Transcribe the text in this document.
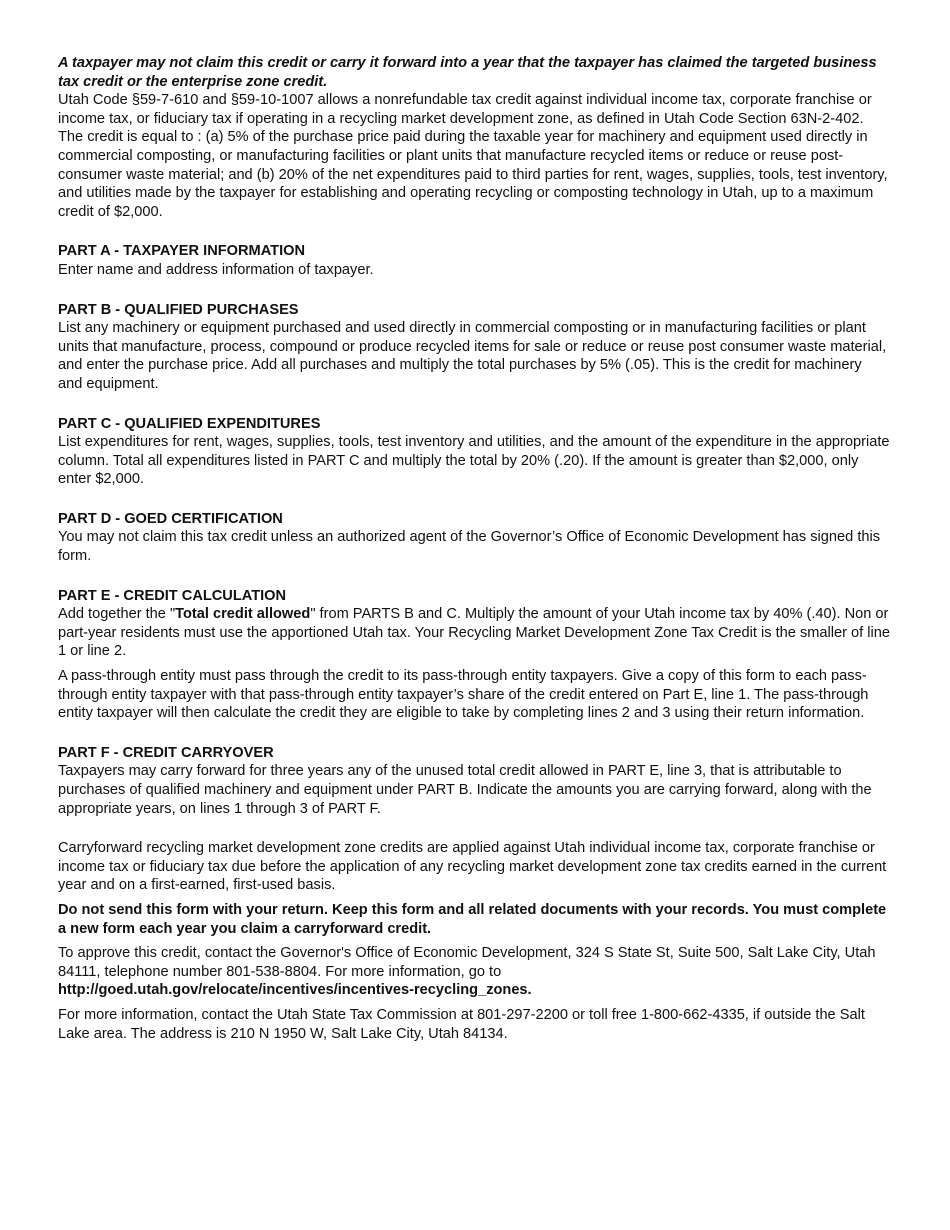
A taxpayer may not claim this credit or carry it forward into a year that the taxpayer has claimed the targeted business tax credit or the enterprise zone credit.

Utah Code §59-7-610 and §59-10-1007 allows a nonrefundable tax credit against individual income tax, corporate franchise or income tax, or fiduciary tax if operating in a recycling market development zone, as defined in Utah Code Section 63N-2-402. The credit is equal to : (a) 5% of the purchase price paid during the taxable year for machinery and equipment used directly in commercial composting, or manufacturing facilities or plant units that manufacture recycled items or reduce or reuse post-consumer waste material; and (b) 20% of the net expenditures paid to third parties for rent, wages, supplies, tools, test inventory, and utilities made by the taxpayer for establishing and operating recycling or composting technology in Utah, up to a maximum credit of $2,000.

PART A - TAXPAYER INFORMATION

Enter name and address information of taxpayer.

PART B - QUALIFIED PURCHASES

List any machinery or equipment purchased and used directly in commercial composting or in manufacturing facilities or plant units that manufacture, process, compound or produce recycled items for sale or reduce or reuse post consumer waste material, and enter the purchase price. Add all purchases and multiply the total purchases by 5% (.05). This is the credit for machinery and equipment.

PART C - QUALIFIED EXPENDITURES

List expenditures for rent, wages, supplies, tools, test inventory and utilities, and the amount of the expenditure in the appropriate column. Total all expenditures listed in PART C and multiply the total by 20% (.20). If the amount is greater than $2,000, only enter $2,000.

PART D - GOED CERTIFICATION

You may not claim this tax credit unless an authorized agent of the Governor’s Office of Economic Development has signed this form.

PART E - CREDIT CALCULATION

Add together the "Total credit allowed" from PARTS B and C. Multiply the amount of your Utah income tax by 40% (.40). Non or part-year residents must use the apportioned Utah tax. Your Recycling Market Development Zone Tax Credit is the smaller of line 1 or line 2.

A pass-through entity must pass through the credit to its pass-through entity taxpayers. Give a copy of this form to each pass-through entity taxpayer with that pass-through entity taxpayer’s share of the credit entered on Part E, line 1. The pass-through entity taxpayer will then calculate the credit they are eligible to take by completing lines 2 and 3 using their return information.

PART F - CREDIT CARRYOVER

Taxpayers may carry forward for three years any of the unused total credit allowed in PART E, line 3, that is attributable to purchases of qualified machinery and equipment under PART B. Indicate the amounts you are carrying forward, along with the appropriate years, on lines 1 through 3 of PART F.

Carryforward recycling market development zone credits are applied against Utah individual income tax, corporate franchise or income tax or fiduciary tax due before the application of any recycling market development zone tax credits earned in the current year and on a first-earned, first-used basis.

Do not send this form with your return. Keep this form and all related documents with your records. You must complete a new form each year you claim a carryforward credit.

To approve this credit, contact the Governor's Office of Economic Development, 324 S State St, Suite 500, Salt Lake City, Utah 84111, telephone number 801-538-8804. For more information, go to
http://goed.utah.gov/relocate/incentives/incentives-recycling_zones.

For more information, contact the Utah State Tax Commission at 801-297-2200 or toll free 1-800-662-4335, if outside the Salt Lake area. The address is 210 N 1950 W, Salt Lake City, Utah 84134.
